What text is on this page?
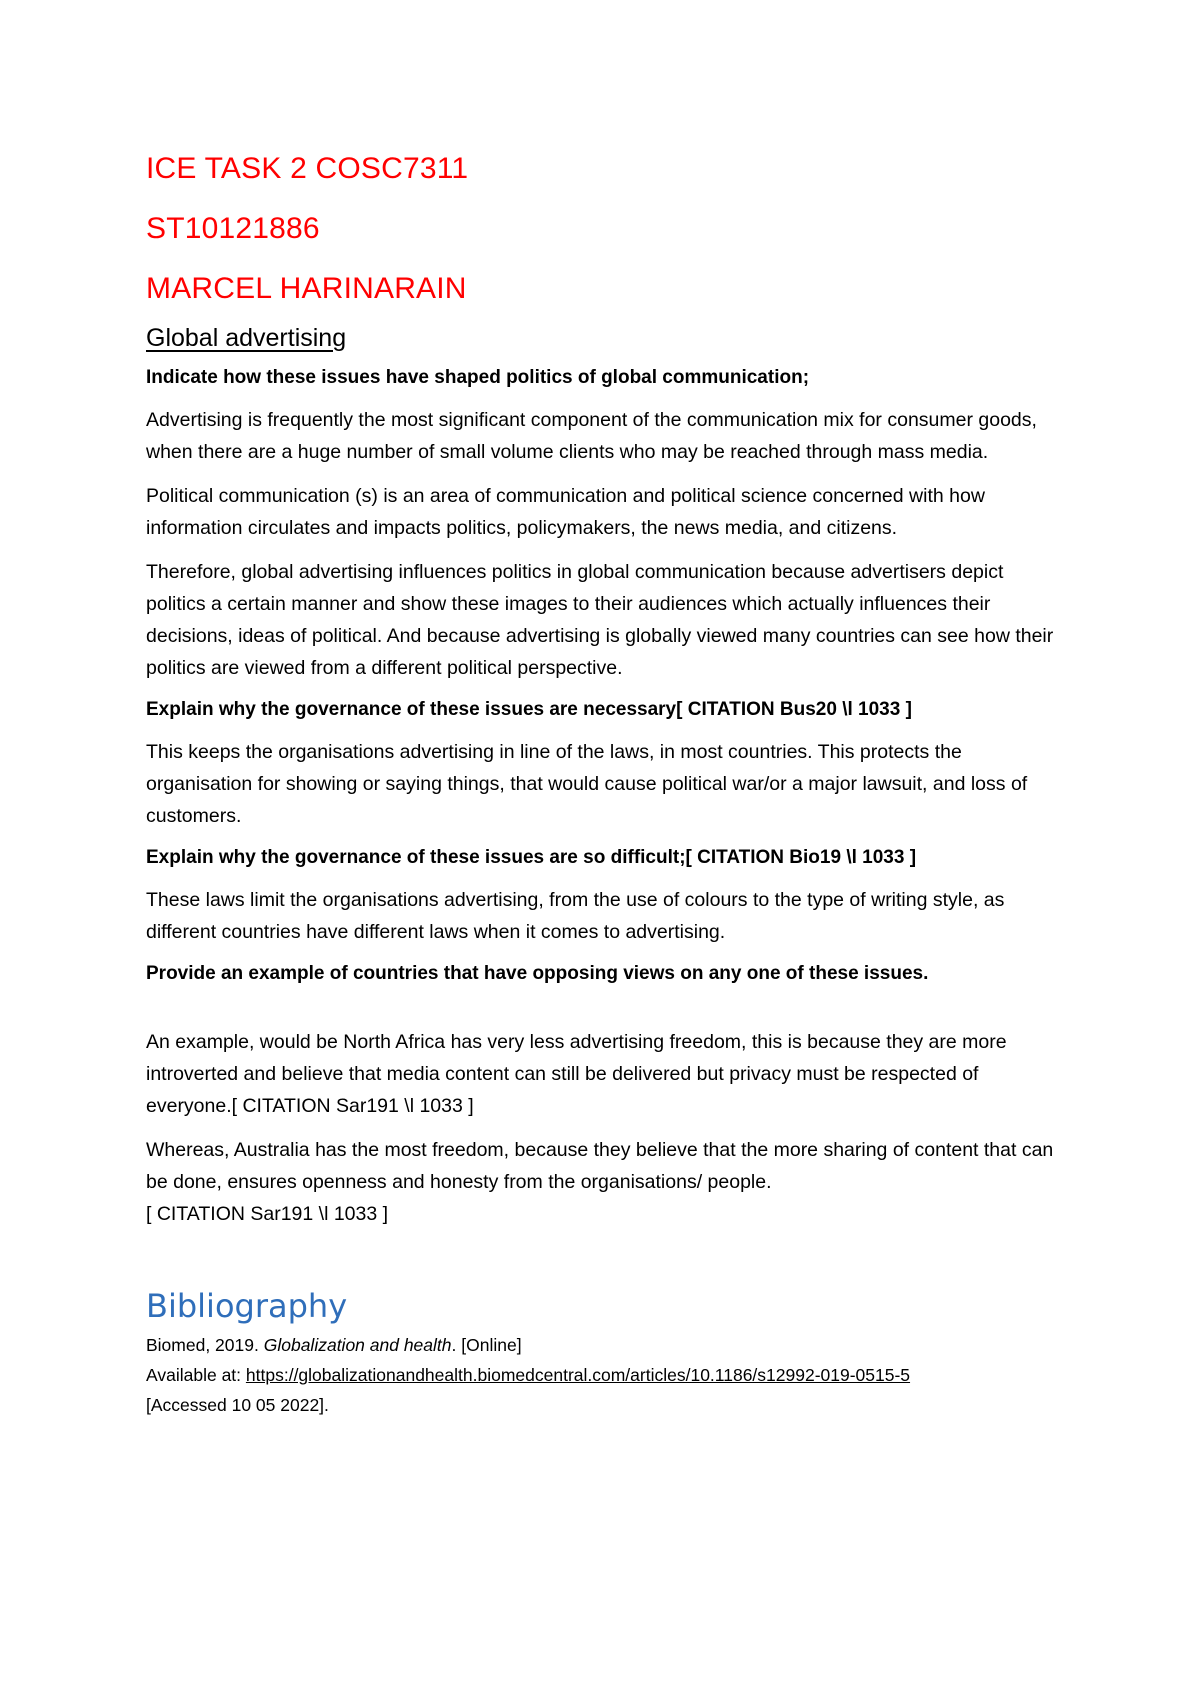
ICE TASK 2 COSC7311
ST10121886
MARCEL HARINARAIN
Global advertising
Indicate how these issues have shaped politics of global communication;
Advertising is frequently the most significant component of the communication mix for consumer goods, when there are a huge number of small volume clients who may be reached through mass media.
Political communication (s) is an area of communication and political science concerned with how information circulates and impacts politics, policymakers, the news media, and citizens.
Therefore, global advertising influences politics in global communication because advertisers depict politics a certain manner and show these images to their audiences which actually influences their decisions, ideas of political. And because advertising is globally viewed many countries can see how their politics are viewed from a different political perspective.
Explain why the governance of these issues are necessary[ CITATION Bus20 \l 1033 ]
This keeps the organisations advertising in line of the laws, in most countries. This protects the organisation for showing or saying things, that would cause political war/or a major lawsuit, and loss of customers.
Explain why the governance of these issues are so difficult;[ CITATION Bio19 \l 1033 ]
These laws limit the organisations advertising, from the use of colours to the type of writing style, as different countries have different laws when it comes to advertising.
Provide an example of countries that have opposing views on any one of these issues.
An example, would be North Africa has very less advertising freedom, this is because they are more introverted and believe that media content can still be delivered but privacy must be respected of everyone.[ CITATION Sar191 \l 1033 ]
Whereas, Australia has the most freedom, because they believe that the more sharing of content that can be done, ensures openness and honesty from the organisations/ people.
[ CITATION Sar191 \l 1033 ]
Bibliography
Biomed, 2019. Globalization and health. [Online]
Available at: https://globalizationandhealth.biomedcentral.com/articles/10.1186/s12992-019-0515-5
[Accessed 10 05 2022].
